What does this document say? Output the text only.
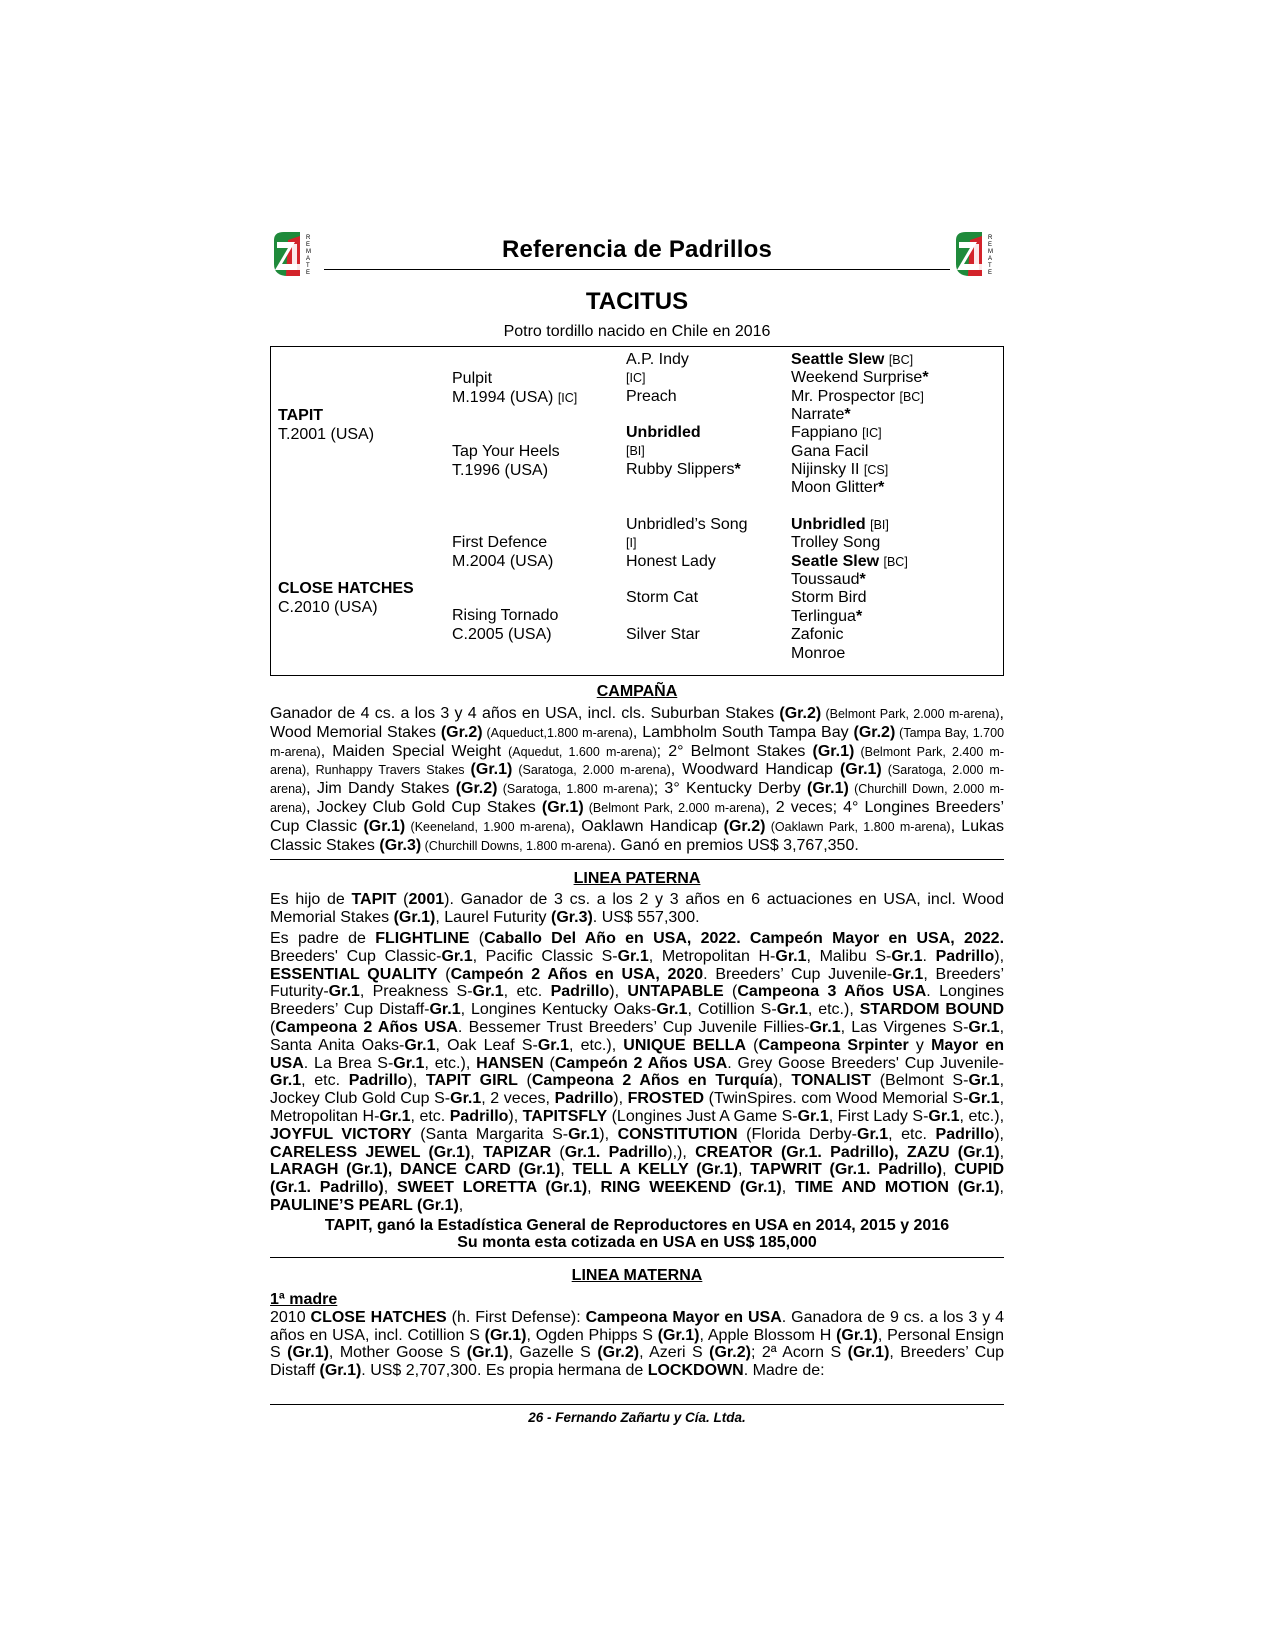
R
E
M
A
T
E
Referencia de Padrillos	R
E
M
A
T
E
TACITUS
Potro tordillo nacido en Chile en 2016
TAPIT
T.2001 (USA)
CLOSE HATCHES
C.2010 (USA)
Pulpit
M.1994 (USA) [IC]
Tap Your Heels
T.1996 (USA)
First Defence
M.2004 (USA)
Rising Tornado
C.2005 (USA)
A.P. Indy
[IC]
Preach
Unbridled
[BI]
Rubby Slippers*
Unbridled’s Song
[I]
Honest Lady
Storm Cat
Silver Star
Seattle Slew [BC]
Weekend Surprise*
Mr. Prospector [BC]
Narrate*
Fappiano [IC]
Gana Facil
Nijinsky II [CS]
Moon Glitter*
Unbridled [BI]
Trolley Song
Seatle Slew [BC]
Toussaud*
Storm Bird
Terlingua*
Zafonic
Monroe
CAMPAÑA
Ganador de 4 cs. a los 3 y 4 años en USA, incl. cls. Suburban Stakes (Gr.2) (Belmont Park, 2.000 m-arena), Wood Memorial Stakes (Gr.2) (Aqueduct,1.800 m-arena), Lambholm South Tampa Bay (Gr.2) (Tampa Bay, 1.700 m-arena), Maiden Special Weight (Aquedut, 1.600 m-arena); 2° Belmont Stakes (Gr.1) (Belmont Park, 2.400 m-arena), Runhappy Travers Stakes (Gr.1) (Saratoga, 2.000 m-arena), Woodward Handicap (Gr.1) (Saratoga, 2.000 m-arena), Jim Dandy Stakes (Gr.2) (Saratoga, 1.800 m-arena); 3° Kentucky Derby (Gr.1) (Churchill Down, 2.000 m-arena), Jockey Club Gold Cup Stakes (Gr.1) (Belmont Park, 2.000 m-arena), 2 veces; 4° Longines Breeders’ Cup Classic (Gr.1) (Keeneland, 1.900 m-arena), Oaklawn Handicap (Gr.2) (Oaklawn Park, 1.800 m-arena), Lukas Classic Stakes (Gr.3) (Churchill Downs, 1.800 m-arena). Ganó en premios US$ 3,767,350.
LINEA PATERNA
Es hijo de TAPIT (2001). Ganador de 3 cs. a los 2 y 3 años en 6 actuaciones en USA, incl. Wood Memorial Stakes (Gr.1), Laurel Futurity (Gr.3). US$ 557,300.
Es padre de FLIGHTLINE (Caballo Del Año en USA, 2022. Campeón Mayor en USA, 2022. Breeders' Cup Classic-Gr.1, Pacific Classic S-Gr.1, Metropolitan H-Gr.1, Malibu S-Gr.1. Padrillo), ESSENTIAL QUALITY (Campeón 2 Años en USA, 2020. Breeders’ Cup Juvenile-Gr.1, Breeders’ Futurity-Gr.1, Preakness S-Gr.1, etc. Padrillo), UNTAPABLE (Campeona 3 Años USA. Longines Breeders’ Cup Distaff-Gr.1, Longines Kentucky Oaks-Gr.1, Cotillion S-Gr.1, etc.), STARDOM BOUND (Campeona 2 Años USA. Bessemer Trust Breeders’ Cup Juvenile Fillies-Gr.1, Las Virgenes S-Gr.1, Santa Anita Oaks-Gr.1, Oak Leaf S-Gr.1, etc.), UNIQUE BELLA (Campeona Srpinter y Mayor en USA. La Brea S-Gr.1, etc.), HANSEN (Campeón 2 Años USA. Grey Goose Breeders' Cup Juvenile-Gr.1, etc. Padrillo), TAPIT GIRL (Campeona 2 Años en Turquía), TONALIST (Belmont S-Gr.1, Jockey Club Gold Cup S-Gr.1, 2 veces, Padrillo), FROSTED (TwinSpires. com Wood Memorial S-Gr.1, Metropolitan H-Gr.1, etc. Padrillo), TAPITSFLY (Longines Just A Game S-Gr.1, First Lady S-Gr.1, etc.), JOYFUL VICTORY (Santa Margarita S-Gr.1), CONSTITUTION (Florida Derby-Gr.1, etc. Padrillo), CARELESS JEWEL (Gr.1), TAPIZAR (Gr.1. Padrillo),), CREATOR (Gr.1. Padrillo), ZAZU (Gr.1), LARAGH (Gr.1), DANCE CARD (Gr.1), TELL A KELLY (Gr.1), TAPWRIT (Gr.1. Padrillo), CUPID (Gr.1. Padrillo), SWEET LORETTA (Gr.1), RING WEEKEND (Gr.1), TIME AND MOTION (Gr.1), PAULINE’S PEARL (Gr.1),
TAPIT, ganó la Estadística General de Reproductores en USA en 2014, 2015 y 2016
Su monta esta cotizada en USA en US$ 185,000
LINEA MATERNA
1ª madre
2010 CLOSE HATCHES (h. First Defense): Campeona Mayor en USA. Ganadora de 9 cs. a los 3 y 4 años en USA, incl. Cotillion S (Gr.1), Ogden Phipps S (Gr.1), Apple Blossom H (Gr.1), Personal Ensign S (Gr.1), Mother Goose S (Gr.1), Gazelle S (Gr.2), Azeri S (Gr.2); 2ª Acorn S (Gr.1), Breeders’ Cup Distaff (Gr.1). US$ 2,707,300. Es propia hermana de LOCKDOWN. Madre de:
26 - Fernando Zañartu y Cía. Ltda.
